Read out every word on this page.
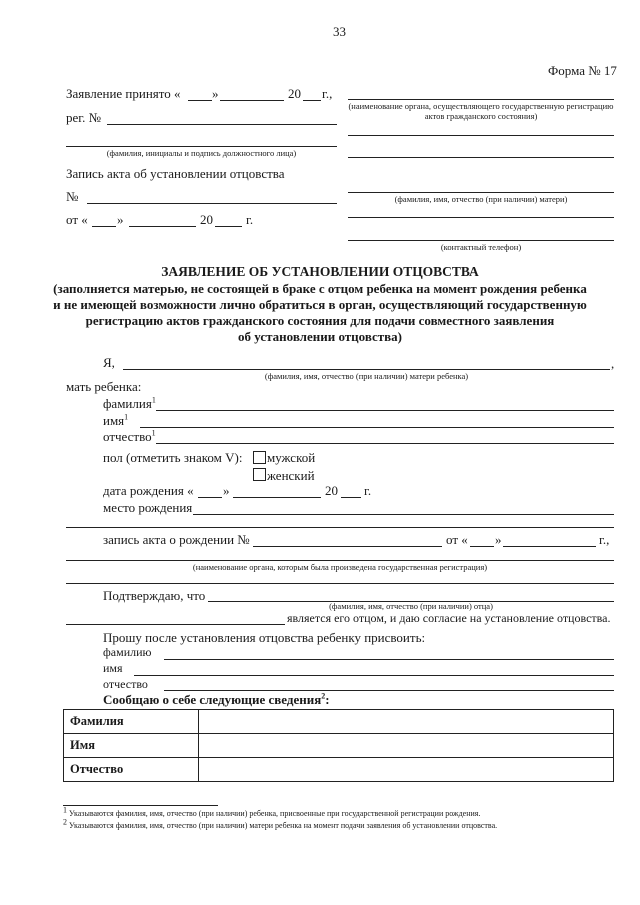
33
Форма № 17
Заявление принято « »	20 г.,
рег. №
(фамилия, инициалы и подпись должностного лица)
(наименование органа, осуществляющего государственную регистрацию актов гражданского состояния)
(фамилия, имя, отчество (при наличии) матери)
(контактный телефон)
Запись акта об установлении отцовства
№
от « »	20	г.
ЗАЯВЛЕНИЕ ОБ УСТАНОВЛЕНИИ ОТЦОВСТВА
(заполняется матерью, не состоящей в браке с отцом ребенка на момент рождения ребенка
и не имеющей возможности лично обратиться в орган, осуществляющий государственную
регистрацию актов гражданского состояния для подачи совместного заявления
об установлении отцовства)
Я,	,
(фамилия, имя, отчество (при наличии) матери ребенка)
мать ребенка:
фамилия$^1$
имя$^1$
отчество$^1$
пол (отметить знаком V): мужской
женский
дата рождения « »	20 г.
место рождения
запись акта о рождении №	от « »	г.,
(наименование органа, которым была произведена государственная регистрация)
Подтверждаю, что
(фамилия, имя, отчество (при наличии) отца)
является его отцом, и даю согласие на установление отцовства.
Прошу после установления отцовства ребенку присвоить:
фамилию
имя
отчество
Сообщаю о себе следующие сведения$^2$:
Фамилия	
Имя	
Отчество	
1 Указываются фамилия, имя, отчество (при наличии) ребенка, присвоенные при государственной регистрации рождения.
2 Указываются фамилия, имя, отчество (при наличии) матери ребенка на момент подачи заявления об установлении отцовства.
